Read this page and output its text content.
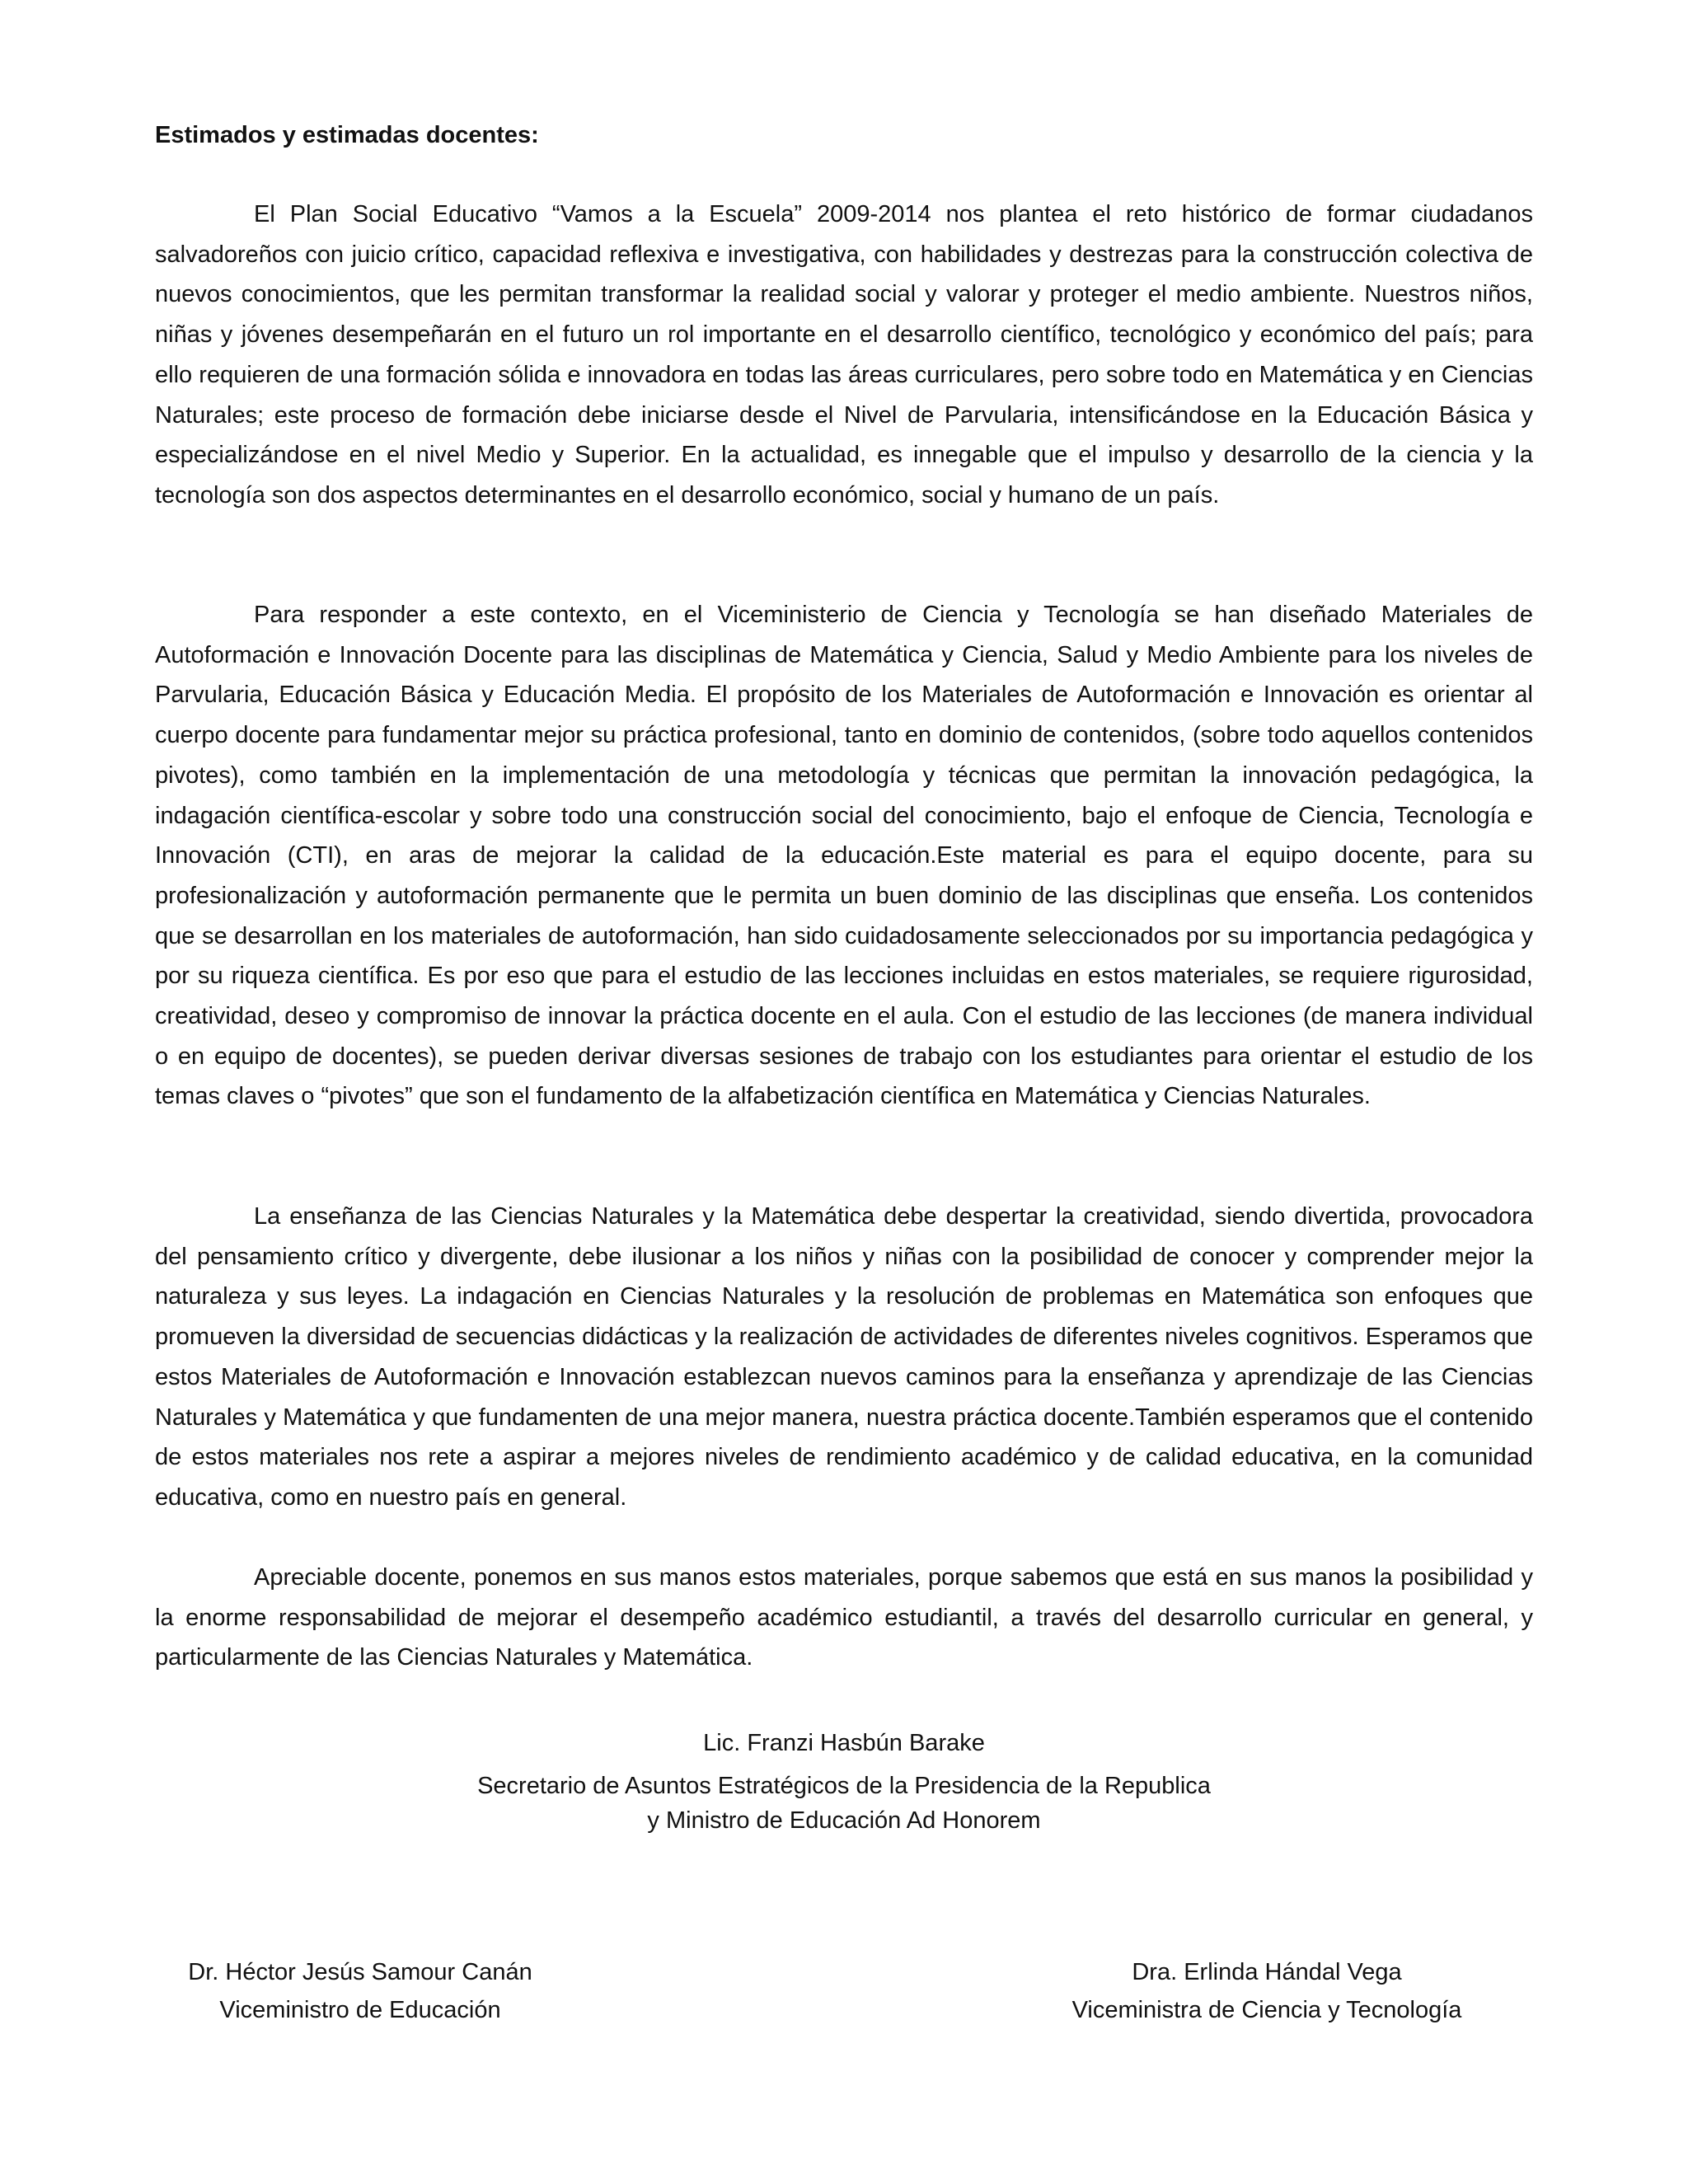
Estimados y estimadas docentes:

El Plan Social Educativo “Vamos a la Escuela” 2009-2014 nos plantea el reto histórico de formar ciudadanos salvadoreños con juicio crítico, capacidad reflexiva e investigativa, con habilidades y destrezas para la construcción colectiva de nuevos conocimientos, que les permitan transformar la realidad social y valorar y proteger el medio ambiente. Nuestros niños, niñas y jóvenes desempeñarán en el futuro un rol importante en el desarrollo científico, tecnológico y económico del país; para ello requieren de una formación sólida e innovadora en todas las áreas curriculares, pero sobre todo en Matemática y en Ciencias Naturales; este proceso de formación debe iniciarse desde el Nivel de Parvularia, intensificándose en la Educación Básica y especializándose en el nivel Medio y Superior. En la actualidad, es innegable que el impulso y desarrollo de la ciencia y la tecnología son dos aspectos determinantes en el desarrollo económico, social y humano de un país.

Para responder a este contexto, en el Viceministerio de Ciencia y Tecnología se han diseñado Materiales de Autoformación e Innovación Docente para las disciplinas de Matemática y Ciencia, Salud y Medio Ambiente para los niveles de Parvularia, Educación Básica y Educación Media. El propósito de los Materiales de Autoformación e Innovación es orientar al cuerpo docente para fundamentar mejor su práctica profesional, tanto en dominio de contenidos, (sobre todo aquellos contenidos pivotes), como también en la implementación de una metodología y técnicas que permitan la innovación pedagógica, la indagación científica-escolar y sobre todo una construcción social del conocimiento, bajo el enfoque de Ciencia, Tecnología e Innovación (CTI), en aras de mejorar la calidad de la educación.Este material es para el equipo docente, para su profesionalización y autoformación permanente que le permita un buen dominio de las disciplinas que enseña. Los contenidos que se desarrollan en los materiales de autoformación, han sido cuidadosamente seleccionados por su importancia pedagógica y por su riqueza científica. Es por eso que para el estudio de las lecciones incluidas en estos materiales, se requiere rigurosidad, creatividad, deseo y compromiso de innovar la práctica docente en el aula. Con el estudio de las lecciones (de manera individual o en equipo de docentes), se pueden derivar diversas sesiones de trabajo con los estudiantes para orientar el estudio de los temas claves o “pivotes” que son el fundamento de la alfabetización científica en Matemática y Ciencias Naturales.

La enseñanza de las Ciencias Naturales y la Matemática debe despertar la creatividad, siendo divertida, provocadora del pensamiento crítico y divergente, debe ilusionar a los niños y niñas con la posibilidad de conocer y comprender mejor la naturaleza y sus leyes. La indagación en Ciencias Naturales y la resolución de problemas en Matemática son enfoques que promueven la diversidad de secuencias didácticas y la realización de actividades de diferentes niveles cognitivos. Esperamos que estos Materiales de Autoformación e Innovación establezcan nuevos caminos para la enseñanza y aprendizaje de las Ciencias Naturales y Matemática y que fundamenten de una mejor manera, nuestra práctica docente.También esperamos que el contenido de estos materiales nos rete a aspirar a mejores niveles de rendimiento académico y de calidad educativa, en la comunidad educativa, como en nuestro país en general.

Apreciable docente, ponemos en sus manos estos materiales, porque sabemos que está en sus manos la posibilidad y la enorme responsabilidad de mejorar el desempeño académico estudiantil, a través del desarrollo curricular en general, y particularmente de las Ciencias Naturales y Matemática.

Lic. Franzi Hasbún Barake
Secretario de Asuntos Estratégicos de la Presidencia de la Republica
y Ministro de Educación Ad Honorem
Dr. Héctor Jesús Samour Canán
Viceministro de Educación
Dra. Erlinda Hándal Vega
Viceministra de Ciencia y Tecnología
